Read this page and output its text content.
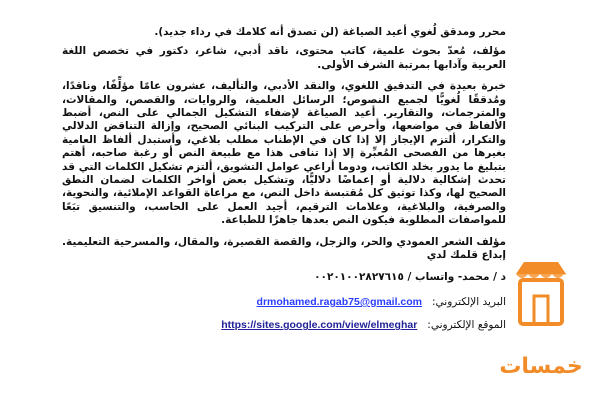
محرر ومدقق لُغوي أعيد الصياغة (لن تصدق أنه كلامك في رداء جديد).

مؤلف، مُعدّ بحوث علمية، كاتب محتوى، ناقد أدبي، شاعر، دكتور في تخصص اللغة العربية وآدابها بمرتبة الشرف الأولى.

خبرة بعيدة في التدقيق اللغوي، والنقد الأدبي، والتأليف، عشرون عامًا مؤلِّفًا، وناقدًا، ومُدققًا لُغويًّا لجميع النصوص؛ الرسائل العلمية، والروايات، والقصص، والمقالات، والمترجمات، والتقارير. أعيد الصياغة لإضفاء التشكيل الجمالي على النص، أضبط الألفاظ في مواضعها، وأحرص على التركيب البنائي الصحيح، وإزالة التناقض الدلالي والتكرار، ألتزم الإيجاز إلا إذا كان في الإطناب مطلب بلاغي، وأستبدل ألفاظ العامية بغيرها من الفصحى المُعبِّرة إلا إذا تنافى هذا مع طبيعة النص أو رغبة صاحبه، أهتم بتبليغ ما يدور بخلد الكاتب، ودوما أراعي عوامل التشويق، ألتزم تشكيل الكلمات التي قد تحدث إشكالية دلالية أو إعماضًا دلاليًّا، وتشكيل بعض أواخر الكلمات لضمان النطق الصحيح لها، وكذا توثيق كل مُقتبسة داخل النص، مع مراعاة القواعد الإملائية، والنحوية، والصرفية، والبلاغية، وعلامات الترقيم، أجيد العمل على الحاسب، والتنسيق تبَعًا للمواصفات المطلوبة فيكون النص بعدها جاهزًا للطباعة.

مؤلف الشعر العمودي والحر، والزجل، والقصة القصيرة، والمقال، والمسرحية التعليمية. إبداع قلمك لدي

د / محمد- واتساب / ٠٠٢٠١٠٠٢٨٢٧٦١٥

البريد الإلكتروني:
drmohamed.ragab75@gmail.com
الموقع الإلكتروني:
https://sites.google.com/view/elmeghar
خمسات
